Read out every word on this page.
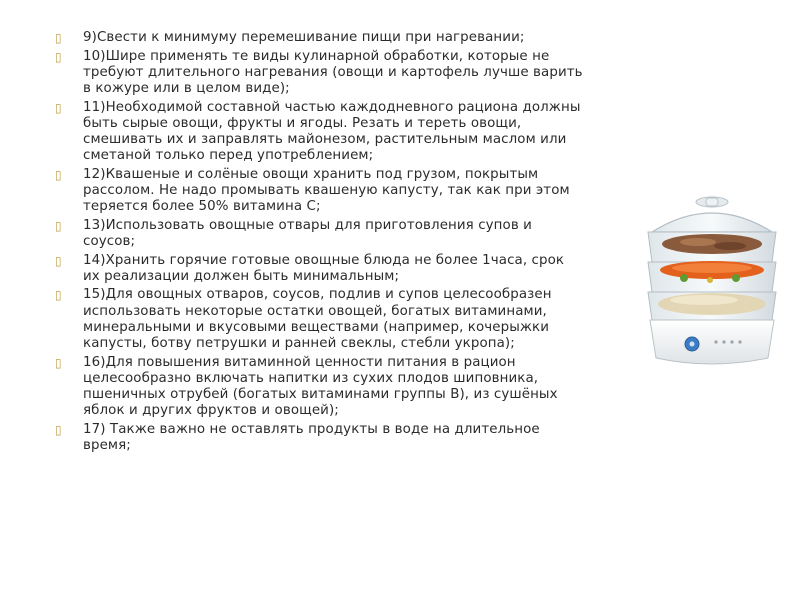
▯ 9)Свести к минимуму перемешивание пищи при нагревании;
▯ 10)Шире применять те виды кулинарной обработки, которые не требуют длительного нагревания (овощи и картофель лучше варить в кожуре или в целом виде);
▯ 11)Необходимой составной частью каждодневного рациона должны быть сырые овощи, фрукты и ягоды. Резать и тереть овощи, смешивать их и заправлять майонезом, растительным маслом или сметаной только перед употреблением;
▯ 12)Квашеные и солёные овощи хранить под грузом, покрытым рассолом. Не надо промывать квашеную капусту, так как при этом теряется более 50% витамина С;
▯ 13)Использовать овощные отвары для приготовления супов и соусов;
▯ 14)Хранить горячие готовые овощные блюда не более 1часа, срок их реализации должен быть минимальным;
▯ 15)Для овощных отваров, соусов, подлив и супов целесообразен использовать некоторые остатки овощей, богатых витаминами, минеральными и вкусовыми веществами (например, кочерыжки капусты, ботву петрушки и ранней свеклы, стебли укропа);
▯ 16)Для повышения витаминной ценности питания в рацион целесообразно включать напитки из сухих плодов шиповника, пшеничных отрубей (богатых витаминами группы В), из сушёных яблок и других фруктов и овощей);
▯ 17) Также важно не оставлять продукты в воде на длительное время;
